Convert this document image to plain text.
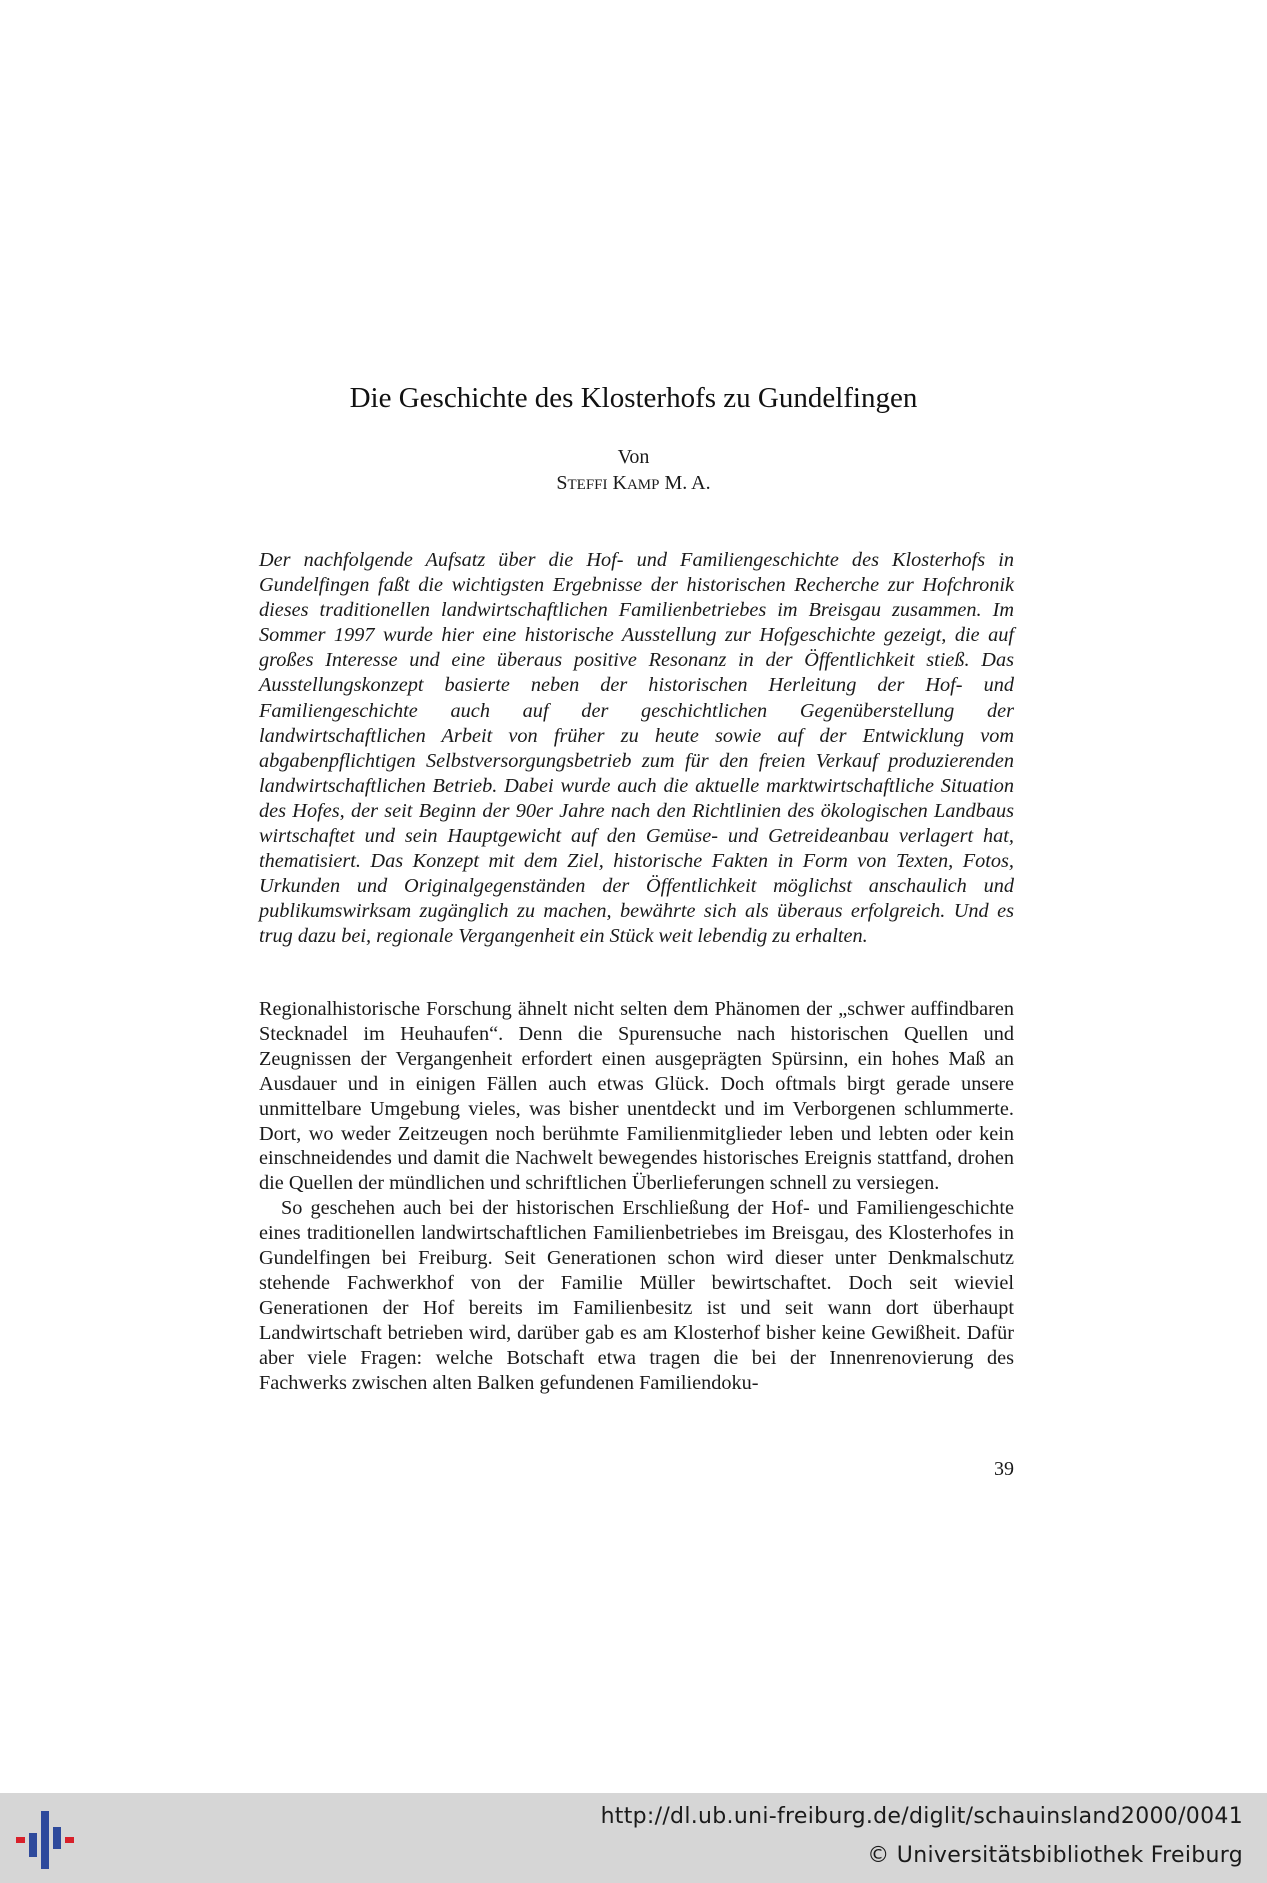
Die Geschichte des Klosterhofs zu Gundelfingen
Von
STEFFI KAMP M. A.

Der nachfolgende Aufsatz über die Hof- und Familiengeschichte des Klosterhofs in Gundelfingen faßt die wichtigsten Ergebnisse der historischen Recherche zur Hofchronik dieses traditionellen landwirtschaftlichen Familienbetriebes im Breisgau zusammen. Im Sommer 1997 wurde hier eine historische Ausstellung zur Hofgeschichte gezeigt, die auf großes Interesse und eine überaus positive Resonanz in der Öffentlichkeit stieß. Das Ausstellungskonzept basierte neben der historischen Herleitung der Hof- und Familiengeschichte auch auf der geschichtlichen Gegenüberstellung der landwirtschaftlichen Arbeit von früher zu heute sowie auf der Entwicklung vom abgabenpflichtigen Selbstversorgungsbetrieb zum für den freien Verkauf produzierenden landwirtschaftlichen Betrieb. Dabei wurde auch die aktuelle marktwirtschaftliche Situation des Hofes, der seit Beginn der 90er Jahre nach den Richtlinien des ökologischen Landbaus wirtschaftet und sein Hauptgewicht auf den Gemüse- und Getreideanbau verlagert hat, thematisiert. Das Konzept mit dem Ziel, historische Fakten in Form von Texten, Fotos, Urkunden und Originalgegenständen der Öffentlichkeit möglichst anschaulich und publikumswirksam zugänglich zu machen, bewährte sich als überaus erfolgreich. Und es trug dazu bei, regionale Vergangenheit ein Stück weit lebendig zu erhalten.

Regionalhistorische Forschung ähnelt nicht selten dem Phänomen der „schwer auffindbaren Stecknadel im Heuhaufen“. Denn die Spurensuche nach historischen Quellen und Zeugnissen der Vergangenheit erfordert einen ausgeprägten Spürsinn, ein hohes Maß an Ausdauer und in einigen Fällen auch etwas Glück. Doch oftmals birgt gerade unsere unmittelbare Umgebung vieles, was bisher unentdeckt und im Verborgenen schlummerte. Dort, wo weder Zeitzeugen noch berühmte Familienmitglieder leben und lebten oder kein einschneidendes und damit die Nachwelt bewegendes historisches Ereignis stattfand, drohen die Quellen der mündlichen und schriftlichen Überlieferungen schnell zu versiegen.

So geschehen auch bei der historischen Erschließung der Hof- und Familiengeschichte eines traditionellen landwirtschaftlichen Familienbetriebes im Breisgau, des Klosterhofes in Gundelfingen bei Freiburg. Seit Generationen schon wird dieser unter Denkmalschutz stehende Fachwerkhof von der Familie Müller bewirtschaftet. Doch seit wieviel Generationen der Hof bereits im Familienbesitz ist und seit wann dort überhaupt Landwirtschaft betrieben wird, darüber gab es am Klosterhof bisher keine Gewißheit. Dafür aber viele Fragen: welche Botschaft etwa tragen die bei der Innenrenovierung des Fachwerks zwischen alten Balken gefundenen Familiendoku-

39
http://dl.ub.uni-freiburg.de/diglit/schauinsland2000/0041
© Universitätsbibliothek Freiburg
